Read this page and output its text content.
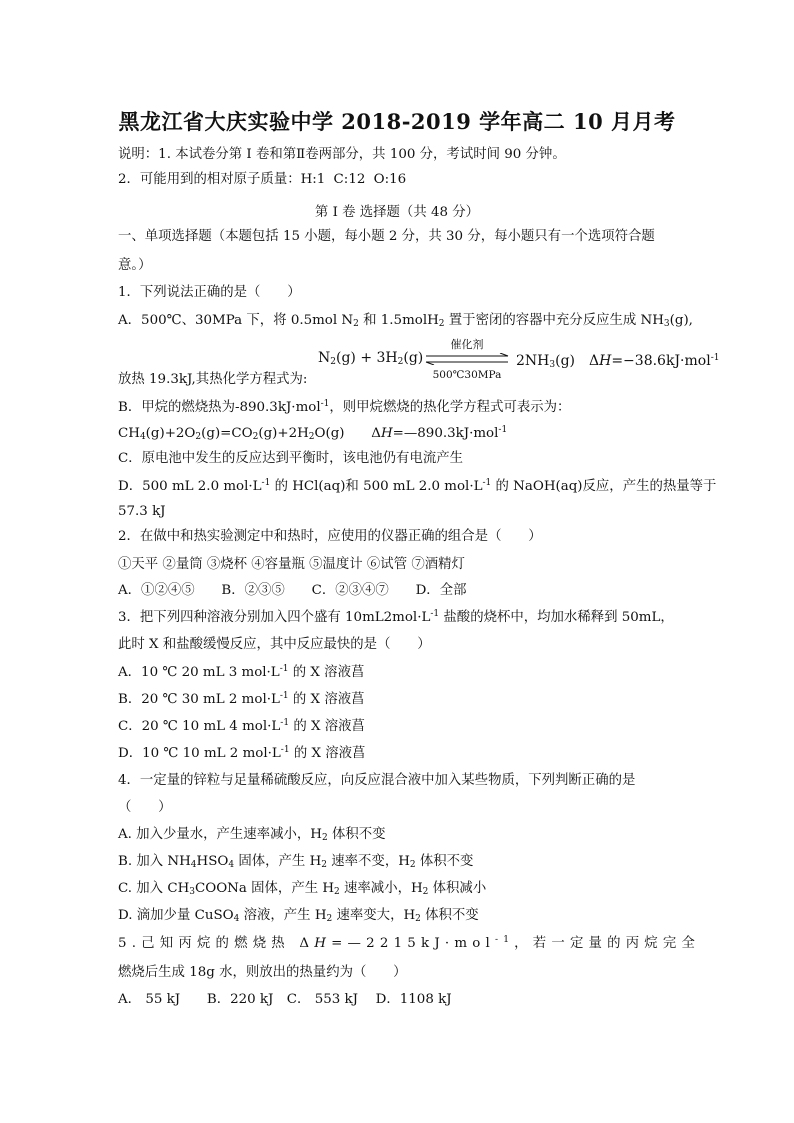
黑龙江省大庆实验中学 2018-2019 学年高二 10 月月考
说明：1. 本试卷分第 I 卷和第Ⅱ卷两部分，共 100 分，考试时间 90 分钟。
2．可能用到的相对原子质量：H:1 C:12 O:16
第 I 卷 选择题（共 48 分）
一、单项选择题（本题包括 15 小题，每小题 2 分，共 30 分，每小题只有一个选项符合题
意。）
1．下列说法正确的是（　　）
A．500℃、30MPa 下，将 0.5mol $N_2$ 和 1.5molH$_2$ 置于密闭的容器中充分反应生成 $NH_3(g)$,
$N_2(g) + 3H_2(g)$
催化剂
500℃30MPa
$2NH_3(g)$　ΔH=−38.6kJ·mol$^{-1}$
放热 19.3kJ,其热化学方程式为:
B．甲烷的燃烧热为-890.3kJ·mol$^{-1}$，则甲烷燃烧的热化学方程式可表示为：
$CH_4(g)+2O_2(g)=CO_2(g)+2H_2O(g)$　　ΔH=—890.3kJ·mol$^{-1}$
C．原电池中发生的反应达到平衡时，该电池仍有电流产生
D．500 mL 2.0 $mol\cdot L^{-1}$ 的 HCl(aq)和 500 mL 2.0 $mol\cdot L^{-1}$ 的 NaOH(aq)反应，产生的热量等于
57.3 kJ
2．在做中和热实验测定中和热时，应使用的仪器正确的组合是（　　）
①天平 ②量筒 ③烧杯 ④容量瓶 ⑤温度计 ⑥试管 ⑦酒精灯
A．①②④⑤　　B．②③⑤　　C．②③④⑦　　D．全部
3．把下列四种溶液分别加入四个盛有 $10mL2mol\cdot L^{-1}$ 盐酸的烧杯中，均加水稀释到 50mL，
此时 X 和盐酸缓慢反应，其中反应最快的是（　　）
A．10 ℃ 20 mL 3 $mol\cdot L^{-1}$ 的 X 溶液菖
B．20 ℃ 30 mL 2 $mol\cdot L^{-1}$ 的 X 溶液菖
C．20 ℃ 10 mL 4 $mol\cdot L^{-1}$ 的 X 溶液菖
D．10 ℃ 10 mL 2 $mol\cdot L^{-1}$ 的 X 溶液菖
4．一定量的锌粒与足量稀硫酸反应，向反应混合液中加入某些物质，下列判断正确的是
（　　）
A. 加入少量水，产生速率减小，$H_2$ 体积不变
B. 加入 $NH_4HSO_4$ 固体，产生 $H_2$ 速率不变，$H_2$ 体积不变
C. 加入 $CH_3COONa$ 固体，产生 $H_2$ 速率减小，$H_2$ 体积减小
D. 滴加少量 CuSO$_4$ 溶液，产生 $H_2$ 速率变大，$H_2$ 体积不变
5.己知丙烷的燃烧热 ΔH=—2215kJ·mol$^{-1}$，若一定量的丙烷完全
燃烧后生成 18g 水，则放出的热量约为（　　）
A． 55 kJ　　B．220 kJ　C． 553 kJ　 D．1108 kJ
